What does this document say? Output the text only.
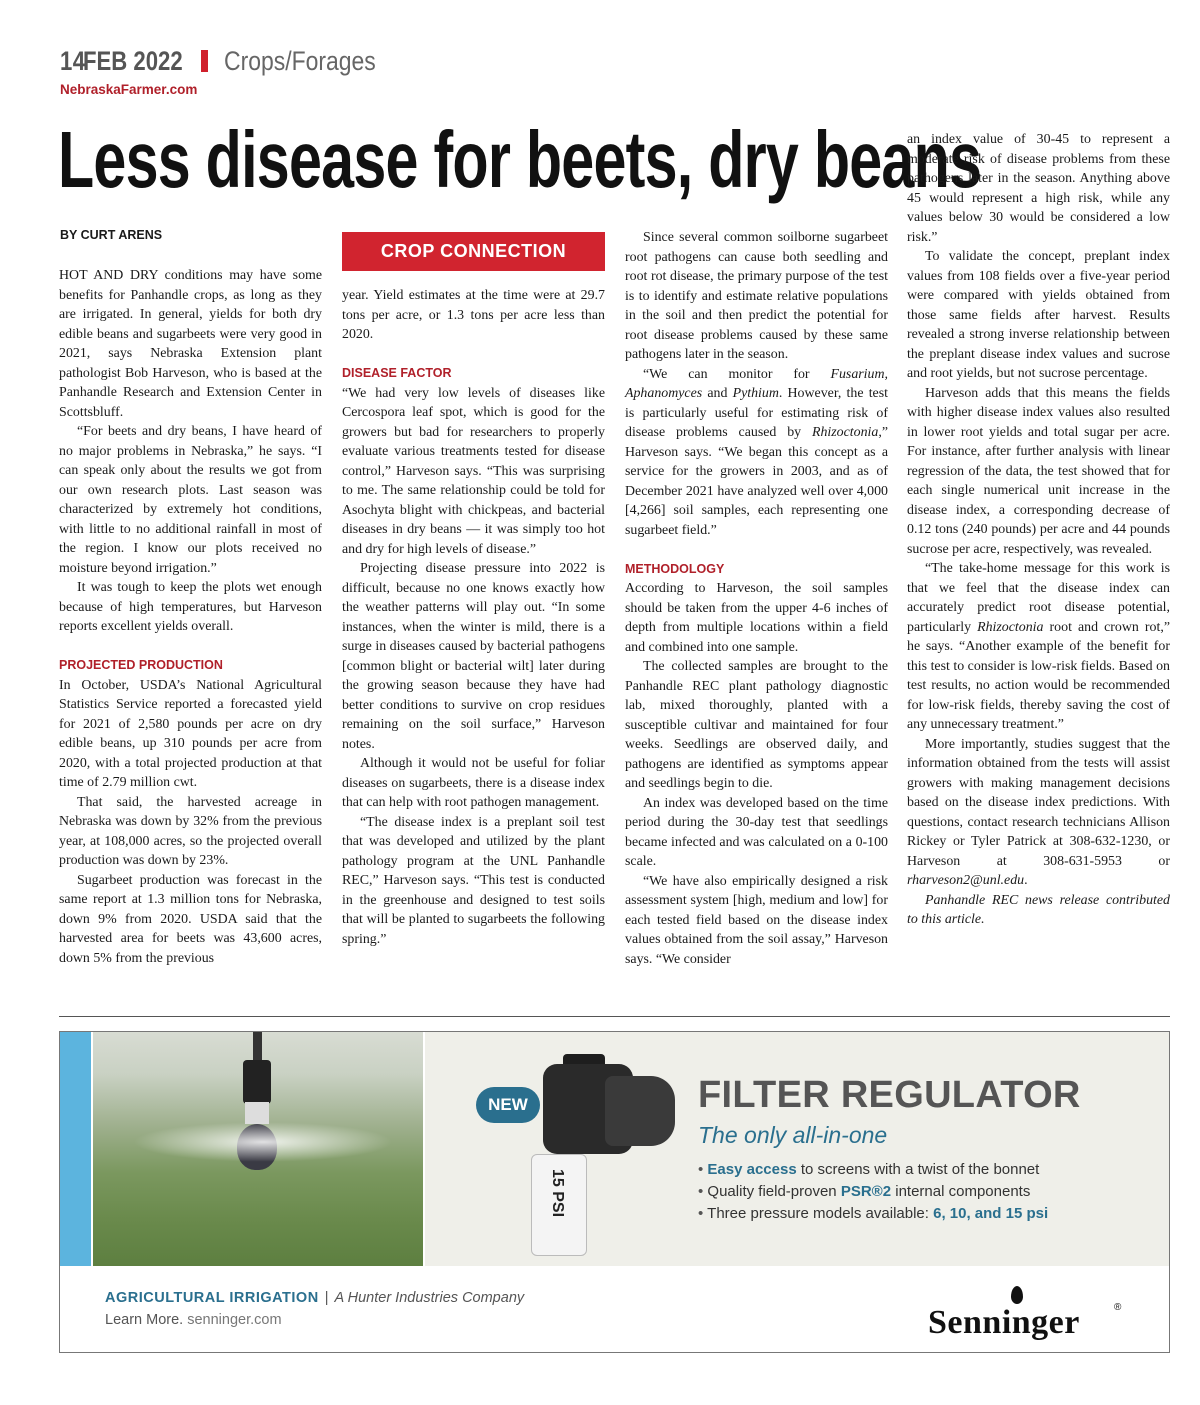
14
FEB 2022 Crops/Forages
NebraskaFarmer.com
Less disease for beets, dry beans
BY CURT ARENS
CROP CONNECTION

HOT AND DRY conditions may have some benefits for Panhandle crops, as long as they are irrigated. In general, yields for both dry edible beans and sugarbeets were very good in 2021, says Nebraska Extension plant pathologist Bob Harveson, who is based at the Panhandle Research and Extension Center in Scottsbluff.

“For beets and dry beans, I have heard of no major problems in Nebraska,” he says. “I can speak only about the results we got from our own research plots. Last season was characterized by extremely hot conditions, with little to no additional rainfall in most of the region. I know our plots received no moisture beyond irrigation.”

It was tough to keep the plots wet enough because of high temperatures, but Harveson reports excellent yields overall.

PROJECTED PRODUCTION

In October, USDA’s National Agricultural Statistics Service reported a forecasted yield for 2021 of 2,580 pounds per acre on dry edible beans, up 310 pounds per acre from 2020, with a total projected production at that time of 2.79 million cwt.

That said, the harvested acreage in Nebraska was down by 32% from the previous year, at 108,000 acres, so the projected overall production was down by 23%.

Sugarbeet production was forecast in the same report at 1.3 million tons for Nebraska, down 9% from 2020. USDA said that the harvested area for beets was 43,600 acres, down 5% from the previous

year. Yield estimates at the time were at 29.7 tons per acre, or 1.3 tons per acre less than 2020.

DISEASE FACTOR

“We had very low levels of diseases like Cercospora leaf spot, which is good for the growers but bad for researchers to properly evaluate various treatments tested for disease control,” Harveson says. “This was surprising to me. The same relationship could be told for Asochyta blight with chickpeas, and bacterial diseases in dry beans — it was simply too hot and dry for high levels of disease.”

Projecting disease pressure into 2022 is difficult, because no one knows exactly how the weather patterns will play out. “In some instances, when the winter is mild, there is a surge in diseases caused by bacterial pathogens [common blight or bacterial wilt] later during the growing season because they have had better conditions to survive on crop residues remaining on the soil surface,” Harveson notes.

Although it would not be useful for foliar diseases on sugarbeets, there is a disease index that can help with root pathogen management.

“The disease index is a preplant soil test that was developed and utilized by the plant pathology program at the UNL Panhandle REC,” Harveson says. “This test is conducted in the greenhouse and designed to test soils that will be planted to sugarbeets the following spring.”

Since several common soilborne sugarbeet root pathogens can cause both seedling and root rot disease, the primary purpose of the test is to identify and estimate relative populations in the soil and then predict the potential for root disease problems caused by these same pathogens later in the season.

“We can monitor for Fusarium, Aphanomyces and Pythium. However, the test is particularly useful for estimating risk of disease problems caused by Rhizoctonia,” Harveson says. “We began this concept as a service for the growers in 2003, and as of December 2021 have analyzed well over 4,000 [4,266] soil samples, each representing one sugarbeet field.”

METHODOLOGY

According to Harveson, the soil samples should be taken from the upper 4-6 inches of depth from multiple locations within a field and combined into one sample.

The collected samples are brought to the Panhandle REC plant pathology diagnostic lab, mixed thoroughly, planted with a susceptible cultivar and maintained for four weeks. Seedlings are observed daily, and pathogens are identified as symptoms appear and seedlings begin to die.

An index was developed based on the time period during the 30-day test that seedlings became infected and was calculated on a 0-100 scale.

“We have also empirically designed a risk assessment system [high, medium and low] for each tested field based on the disease index values obtained from the soil assay,” Harveson says. “We consider

an index value of 30-45 to represent a moderate risk of disease problems from these pathogens later in the season. Anything above 45 would represent a high risk, while any values below 30 would be considered a low risk.”

To validate the concept, preplant index values from 108 fields over a five-year period were compared with yields obtained from those same fields after harvest. Results revealed a strong inverse relationship between the preplant disease index values and sucrose and root yields, but not sucrose percentage.

Harveson adds that this means the fields with higher disease index values also resulted in lower root yields and total sugar per acre. For instance, after further analysis with linear regression of the data, the test showed that for each single numerical unit increase in the disease index, a corresponding decrease of 0.12 tons (240 pounds) per acre and 44 pounds sucrose per acre, respectively, was revealed.

“The take-home message for this work is that we feel that the disease index can accurately predict root disease potential, particularly Rhizoctonia root and crown rot,” he says. “Another example of the benefit for this test to consider is low-risk fields. Based on test results, no action would be recommended for low-risk fields, thereby saving the cost of any unnecessary treatment.”

More importantly, studies suggest that the information obtained from the tests will assist growers with making management decisions based on the disease index predictions. With questions, contact research technicians Allison Rickey or Tyler Patrick at 308-632-1230, or Harveson at 308-631-5953 or rharveson2@unl.edu.

Panhandle REC news release contributed to this article.

15 PSI
NEW	FILTER REGULATOR
The only all-in-one
• Easy access to screens with a twist of the bonnet
• Quality field-proven PSR®2 internal components
• Three pressure models available: 6, 10, and 15 psi
AGRICULTURAL IRRIGATION | A Hunter Industries Company
Learn More. senninger.com	Senninger	®
